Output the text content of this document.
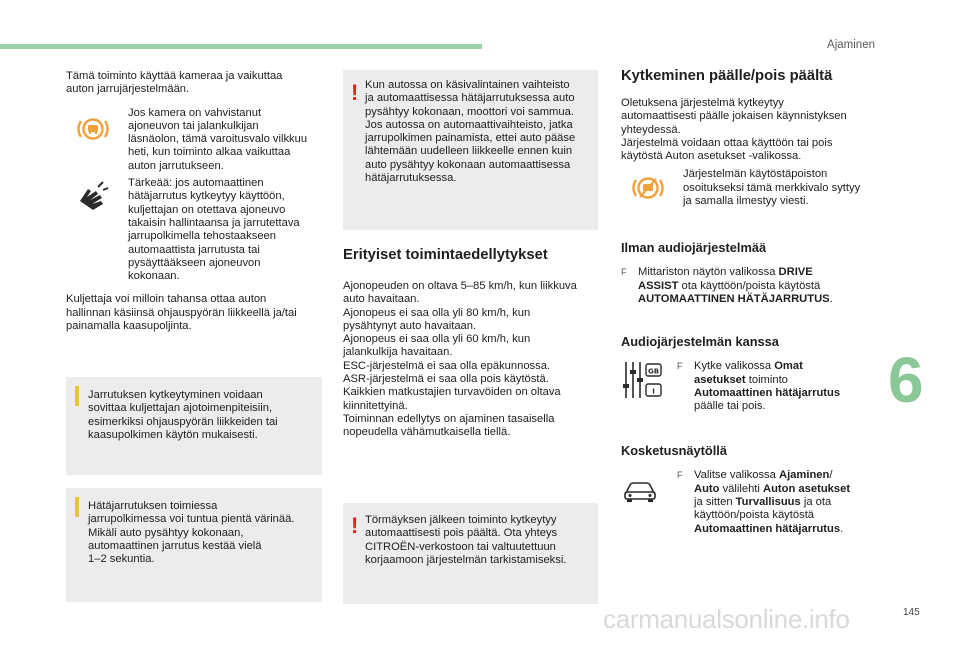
Ajaminen
6
145
carmanualsonline.info

Tämä toiminto käyttää kameraa ja vaikuttaa
auton jarrujärjestelmään.

Jos kamera on vahvistanut
ajoneuvon tai jalankulkijan
läsnäolon, tämä varoitusvalo vilkkuu
heti, kun toiminto alkaa vaikuttaa
auton jarrutukseen.

Tärkeää: jos automaattinen
hätäjarrutus kytkeytyy käyttöön,
kuljettajan on otettava ajoneuvo
takaisin hallintaansa ja jarrutettava
jarrupolkimella tehostaakseen
automaattista jarrutusta tai
pysäyttääkseen ajoneuvon
kokonaan.

Kuljettaja voi milloin tahansa ottaa auton
hallinnan käsiinsä ohjauspyörän liikkeellä ja/tai
painamalla kaasupoljinta.

Jarrutuksen kytkeytyminen voidaan
sovittaa kuljettajan ajotoimenpiteisiin,
esimerkiksi ohjauspyörän liikkeiden tai
kaasupolkimen käytön mukaisesti.

Hätäjarrutuksen toimiessa
jarrupolkimessa voi tuntua pientä värinää.
Mikäli auto pysähtyy kokonaan,
automaattinen jarrutus kestää vielä
1–2 sekuntia.

! Kun autossa on käsivalintainen vaihteisto
ja automaattisessa hätäjarrutuksessa auto
pysähtyy kokonaan, moottori voi sammua.
Jos autossa on automaattivaihteisto, jatka
jarrupolkimen painamista, ettei auto pääse
lähtemään uudelleen liikkeelle ennen kuin
auto pysähtyy kokonaan automaattisessa
hätäjarrutuksessa.

Erityiset toimintaedellytykset

Ajonopeuden on oltava 5–85 km/h, kun liikkuva
auto havaitaan.
Ajonopeus ei saa olla yli 80 km/h, kun
pysähtynyt auto havaitaan.
Ajonopeus ei saa olla yli 60 km/h, kun
jalankulkija havaitaan.
ESC-järjestelmä ei saa olla epäkunnossa.
ASR-järjestelmä ei saa olla pois käytöstä.
Kaikkien matkustajien turvavöiden on oltava
kiinnitettyinä.
Toiminnan edellytys on ajaminen tasaisella
nopeudella vähämutkaisella tiellä.

! Törmäyksen jälkeen toiminto kytkeytyy
automaattisesti pois päältä. Ota yhteys
CITROËN-verkostoon tai valtuutettuun
korjaamoon järjestelmän tarkistamiseksi.

Kytkeminen päälle/pois päältä

Oletuksena järjestelmä kytkeytyy
automaattisesti päälle jokaisen käynnistyksen
yhteydessä.
Järjestelmä voidaan ottaa käyttöön tai pois
käytöstä Auton asetukset -valikossa.

Järjestelmän käytöstäpoiston
osoitukseksi tämä merkkivalo syttyy
ja samalla ilmestyy viesti.

Ilman audiojärjestelmää

F Mittariston näytön valikossa DRIVE
ASSIST ota käyttöön/poista käytöstä
AUTOMAATTINEN HÄTÄJARRUTUS.

Audiojärjestelmän kanssa
GB
I

F Kytke valikossa Omat
asetukset toiminto
Automaattinen hätäjarrutus
päälle tai pois.

Kosketusnäytöllä

F Valitse valikossa Ajaminen/
Auto välilehti Auton asetukset
ja sitten Turvallisuus ja ota
käyttöön/poista käytöstä
Automaattinen hätäjarrutus.
